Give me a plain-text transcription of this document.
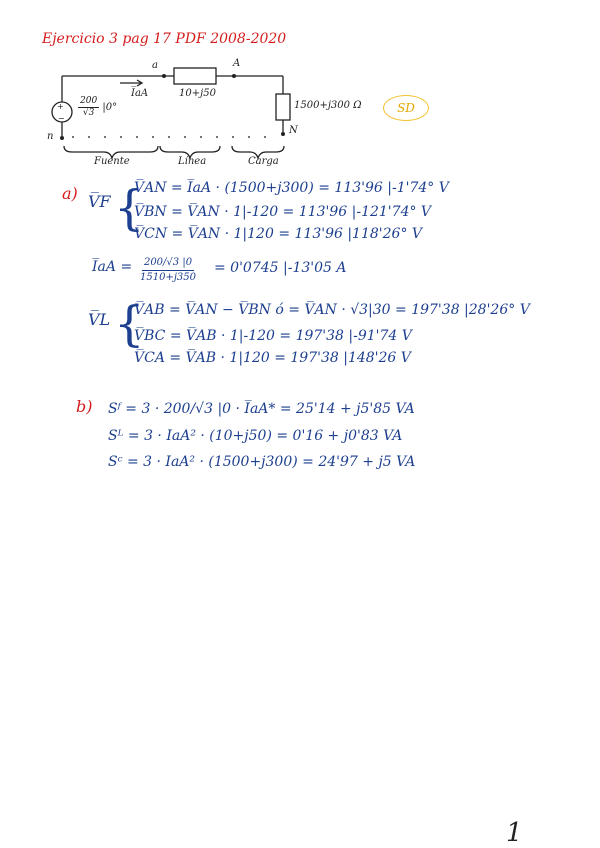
Ejercicio 3 pag 17 PDF 2008-2020
+
−
a	A
n
N
I̅aA
$\frac{200}{√3} |0^\circ$
10+j50
1500+j300 Ω
Fuente	Línea	Carga
SD
a) V̅F {
V̅AN = I̅aA · (1500+j300) = 113'96 |-1'74° V
V̅BN = V̅AN · 1|-120 = 113'96 |-121'74° V
V̅CN = V̅AN · 1|120 = 113'96 |118'26° V
I̅aA = $\frac{200/√3 |0}{1510+j350} = 0'0745$ |-13'05 A
V̅L {
V̅AB = V̅AN − V̅BN ó = V̅AN · √3|30 = 197'38 |28'26° V
V̅BC = V̅AB · 1|-120 = 197'38 |-91'74 V
V̅CA = V̅AB · 1|120 = 197'38 |148'26 V
b) Sᶠ = 3 · 200/√3 |0 · I̅aA* = 25'14 + j5'85 VA
Sᴸ = 3 · IaA² · (10+j50) = 0'16 + j0'83 VA
Sᶜ = 3 · IaA² · (1500+j300) = 24'97 + j5 VA
1
